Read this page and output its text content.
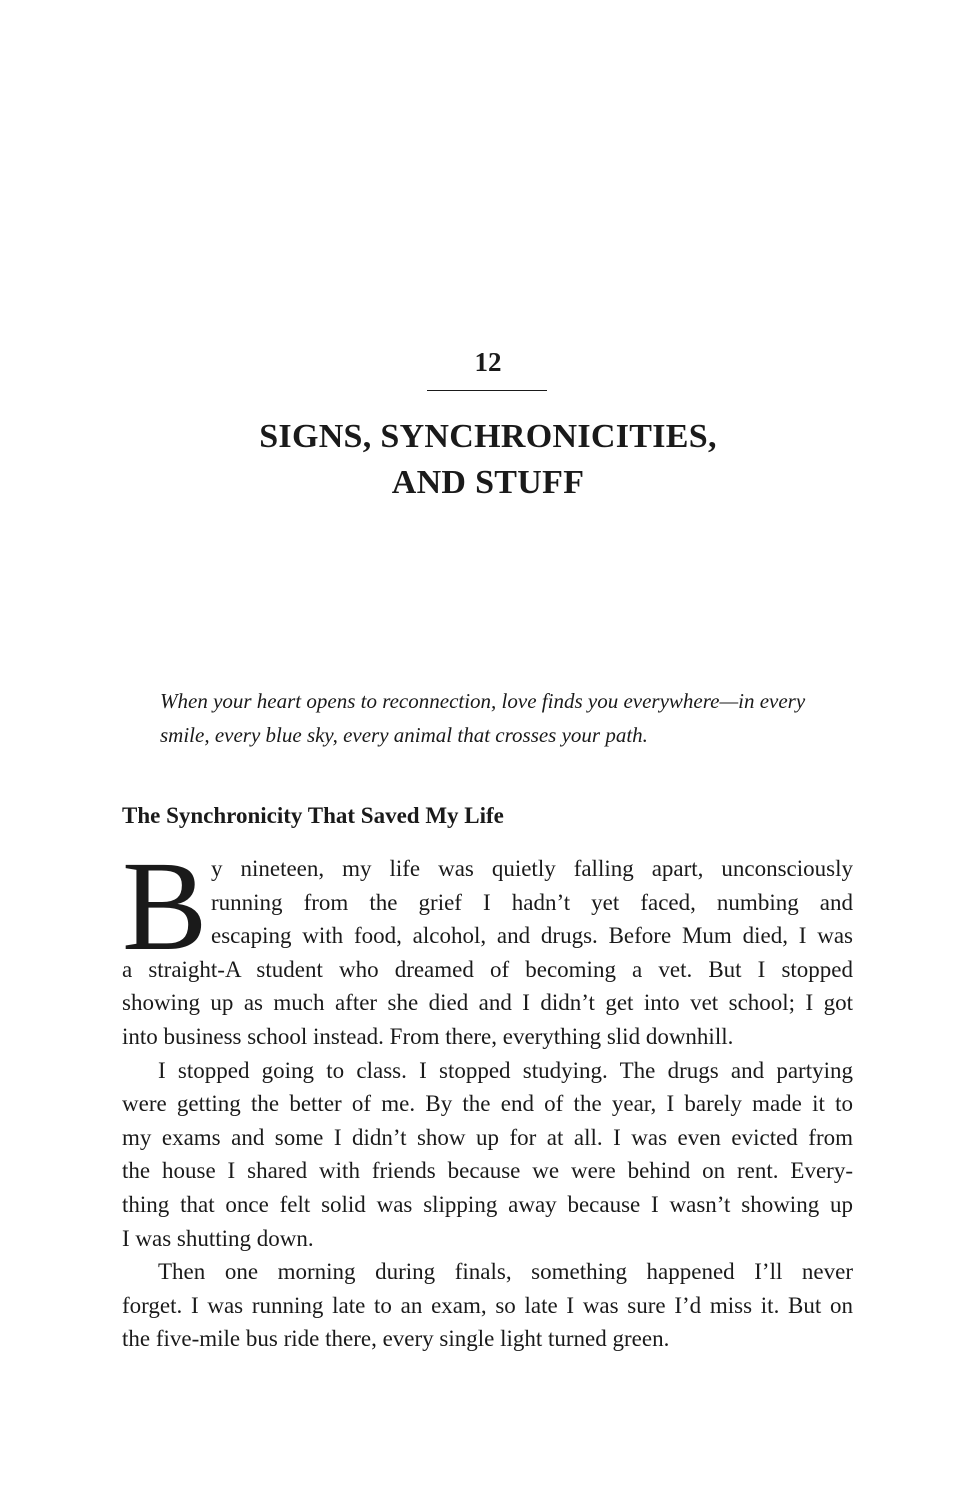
12
SIGNS, SYNCHRONICITIES,
AND STUFF
When your heart opens to reconnection, love finds you everywhere—in every
smile, every blue sky, every animal that crosses your path.
The Synchronicity That Saved My Life
B y nineteen, my life was quietly falling apart, unconsciously
running from the grief I hadn’t yet faced, numbing and
escaping with food, alcohol, and drugs. Before Mum died, I was
a straight-A student who dreamed of becoming a vet. But I stopped
showing up as much after she died and I didn’t get into vet school; I got
into business school instead. From there, everything slid downhill.
I stopped going to class. I stopped studying. The drugs and partying
were getting the better of me. By the end of the year, I barely made it to
my exams and some I didn’t show up for at all. I was even evicted from
the house I shared with friends because we were behind on rent. Every-
thing that once felt solid was slipping away because I wasn’t showing up
I was shutting down.
Then one morning during finals, something happened I’ll never
forget. I was running late to an exam, so late I was sure I’d miss it. But on
the five-mile bus ride there, every single light turned green.
